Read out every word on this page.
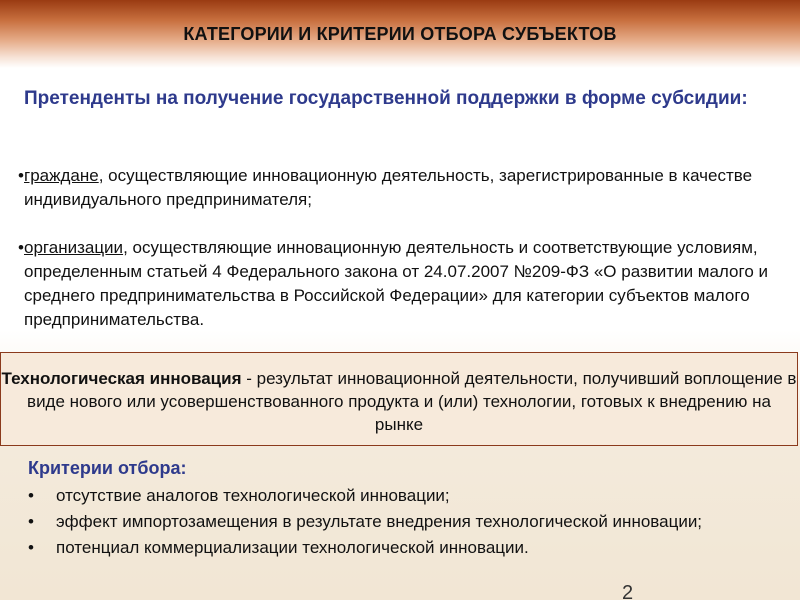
КАТЕГОРИИ И КРИТЕРИИ ОТБОРА СУБЪЕКТОВ
Претенденты на получение государственной поддержки в форме субсидии:
• граждане, осуществляющие инновационную деятельность, зарегистрированные в качестве индивидуального предпринимателя;
• организации, осуществляющие инновационную деятельность и соответствующие условиям, определенным статьей 4 Федерального закона от 24.07.2007 №209-ФЗ «О развитии малого и среднего предпринимательства в Российской Федерации» для категории субъектов малого предпринимательства.
Технологическая инновация - результат инновационной деятельности, получивший воплощение в виде нового или усовершенствованного продукта и (или) технологии, готовых к внедрению на рынке
Критерии отбора:
• отсутствие аналогов технологической инновации;
• эффект импортозамещения в результате внедрения технологической инновации;
• потенциал коммерциализации технологической инновации.
2
